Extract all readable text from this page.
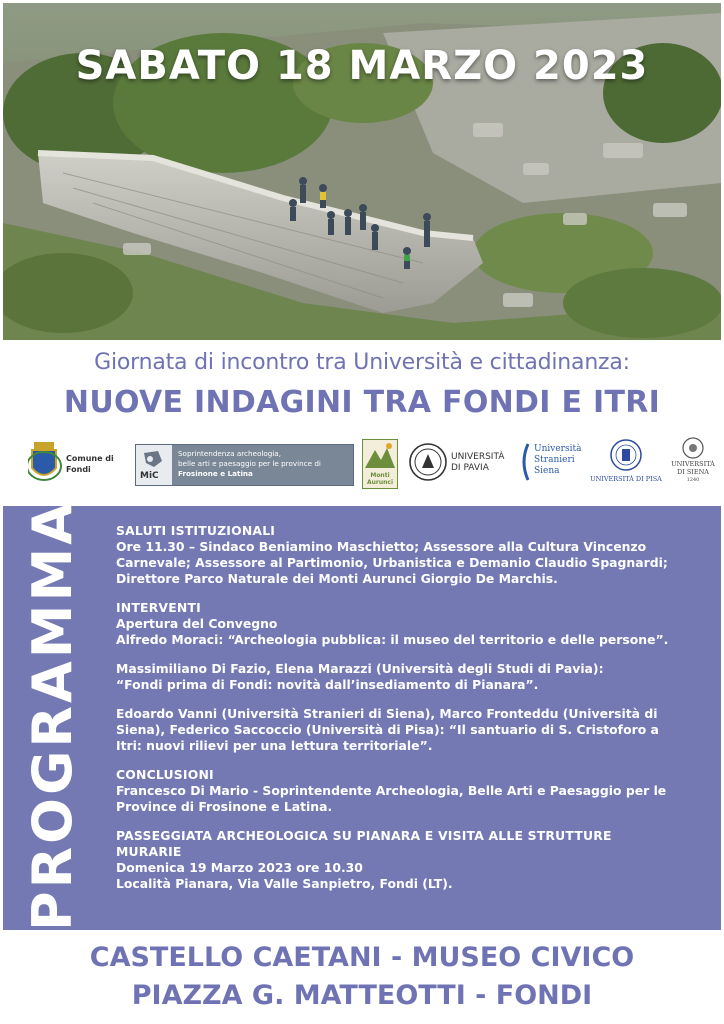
SABATO 18 MARZO 2023
Giornata di incontro tra Università e cittadinanza:
NUOVE INDAGINI TRA FONDI E ITRI
Comune di Fondi
MiC
Soprintendenza archeologia,
belle arti e paesaggio per le province di
Frosinone e Latina	Monti Aurunci
UNIVERSITÀ
DI PAVIA
Università
Stranieri
Siena
UNIVERSITÀ DI PISA
UNIVERSITÀ
DI SIENA
1240
PROGRAMMA	SALUTI ISTITUZIONALI
Ore 11.30 – Sindaco Beniamino Maschietto; Assessore alla Cultura Vincenzo
Carnevale; Assessore al Partimonio, Urbanistica e Demanio Claudio Spagnardi;
Direttore Parco Naturale dei Monti Aurunci Giorgio De Marchis.
INTERVENTI
Apertura del Convegno
Alfredo Moraci: “Archeologia pubblica: il museo del territorio e delle persone”.
Massimiliano Di Fazio, Elena Marazzi (Università degli Studi di Pavia):
“Fondi prima di Fondi: novità dall’insediamento di Pianara”.
Edoardo Vanni (Università Stranieri di Siena), Marco Fronteddu (Università di
Siena), Federico Saccoccio (Università di Pisa): “Il santuario di S. Cristoforo a
Itri: nuovi rilievi per una lettura territoriale”.
CONCLUSIONI
Francesco Di Mario - Soprintendente Archeologia, Belle Arti e Paesaggio per le
Province di Frosinone e Latina.
PASSEGGIATA ARCHEOLOGICA SU PIANARA E VISITA ALLE STRUTTURE
MURARIE
Domenica 19 Marzo 2023 ore 10.30
Località Pianara, Via Valle Sanpietro, Fondi (LT).
CASTELLO CAETANI - MUSEO CIVICO
PIAZZA G. MATTEOTTI - FONDI
